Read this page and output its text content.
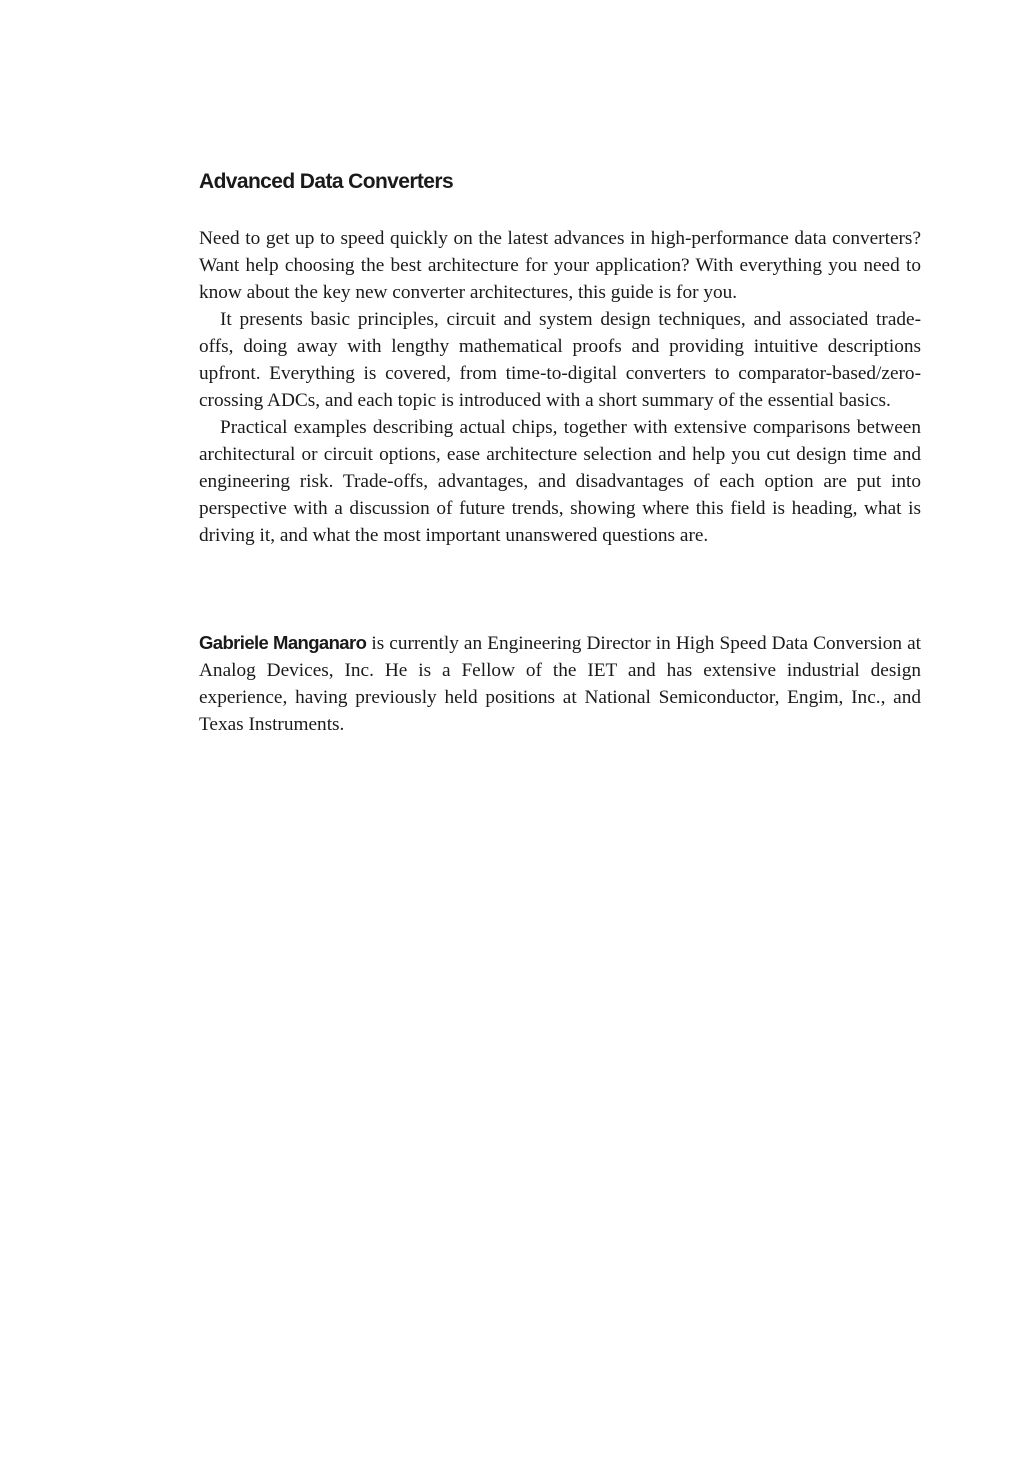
Advanced Data Converters

Need to get up to speed quickly on the latest advances in high-performance data converters? Want help choosing the best architecture for your application? With everything you need to know about the key new converter architectures, this guide is for you.

It presents basic principles, circuit and system design techniques, and associated trade-offs, doing away with lengthy mathematical proofs and providing intuitive descriptions upfront. Everything is covered, from time-to-digital converters to comparator-based/zero-crossing ADCs, and each topic is introduced with a short summary of the essential basics.

Practical examples describing actual chips, together with extensive comparisons between architectural or circuit options, ease architecture selection and help you cut design time and engineering risk. Trade-offs, advantages, and disadvantages of each option are put into perspective with a discussion of future trends, showing where this field is heading, what is driving it, and what the most important unanswered questions are.

Gabriele Manganaro is currently an Engineering Director in High Speed Data Conversion at Analog Devices, Inc. He is a Fellow of the IET and has extensive industrial design experience, having previously held positions at National Semiconductor, Engim, Inc., and Texas Instruments.
